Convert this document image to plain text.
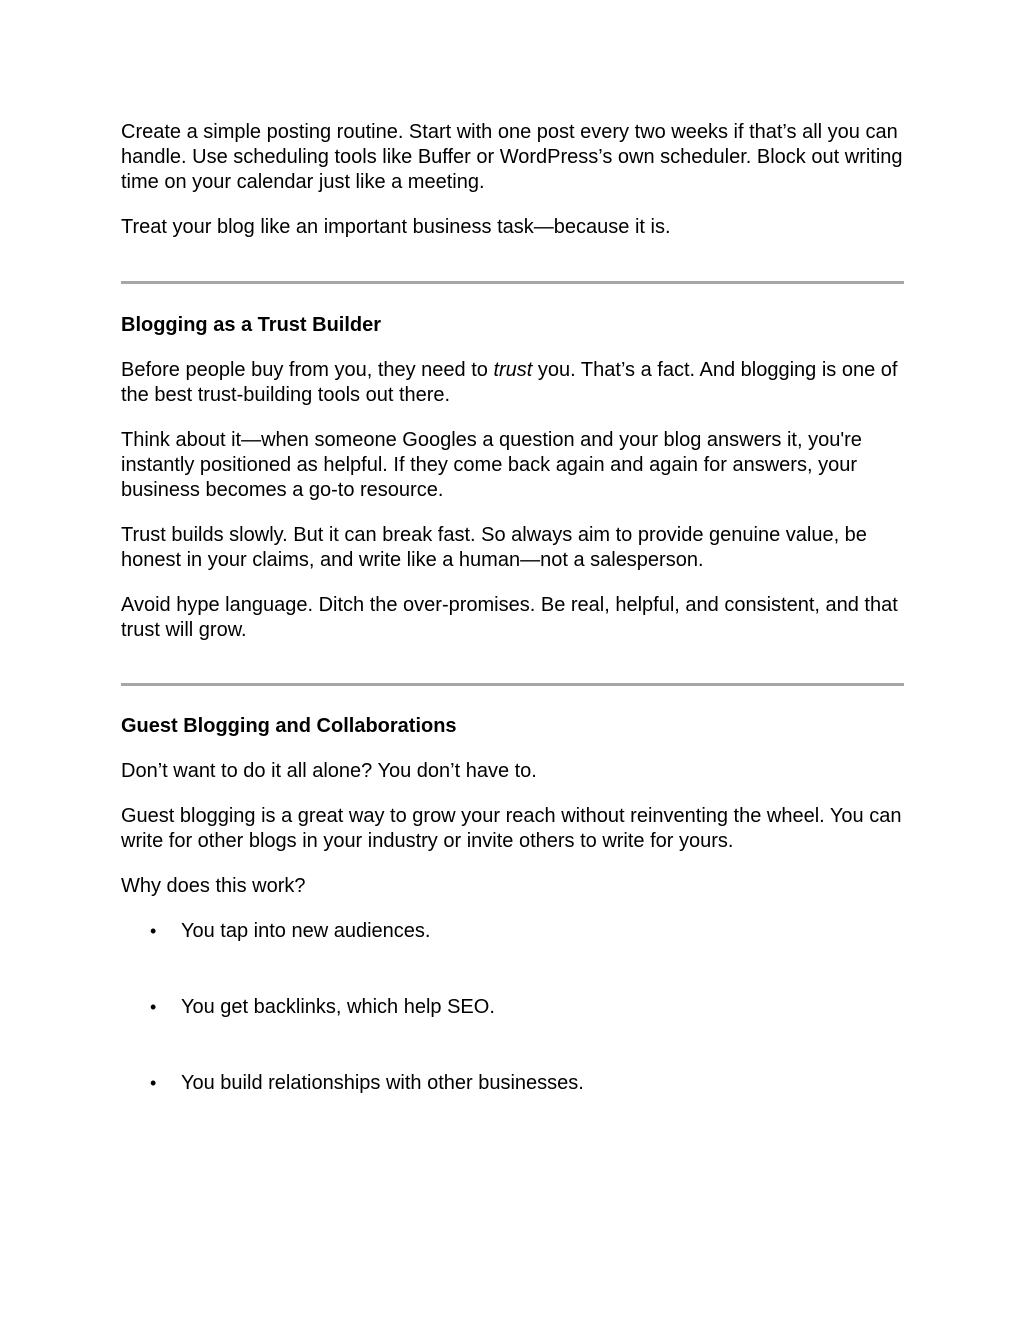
Create a simple posting routine. Start with one post every two weeks if that’s all you can handle. Use scheduling tools like Buffer or WordPress’s own scheduler. Block out writing time on your calendar just like a meeting.

Treat your blog like an important business task—because it is.

Blogging as a Trust Builder

Before people buy from you, they need to trust you. That’s a fact. And blogging is one of the best trust-building tools out there.

Think about it—when someone Googles a question and your blog answers it, you're instantly positioned as helpful. If they come back again and again for answers, your business becomes a go-to resource.

Trust builds slowly. But it can break fast. So always aim to provide genuine value, be honest in your claims, and write like a human—not a salesperson.

Avoid hype language. Ditch the over-promises. Be real, helpful, and consistent, and that trust will grow.

Guest Blogging and Collaborations

Don’t want to do it all alone? You don’t have to.

Guest blogging is a great way to grow your reach without reinventing the wheel. You can write for other blogs in your industry or invite others to write for yours.

Why does this work?

• You tap into new audiences.
• You get backlinks, which help SEO.
• You build relationships with other businesses.
